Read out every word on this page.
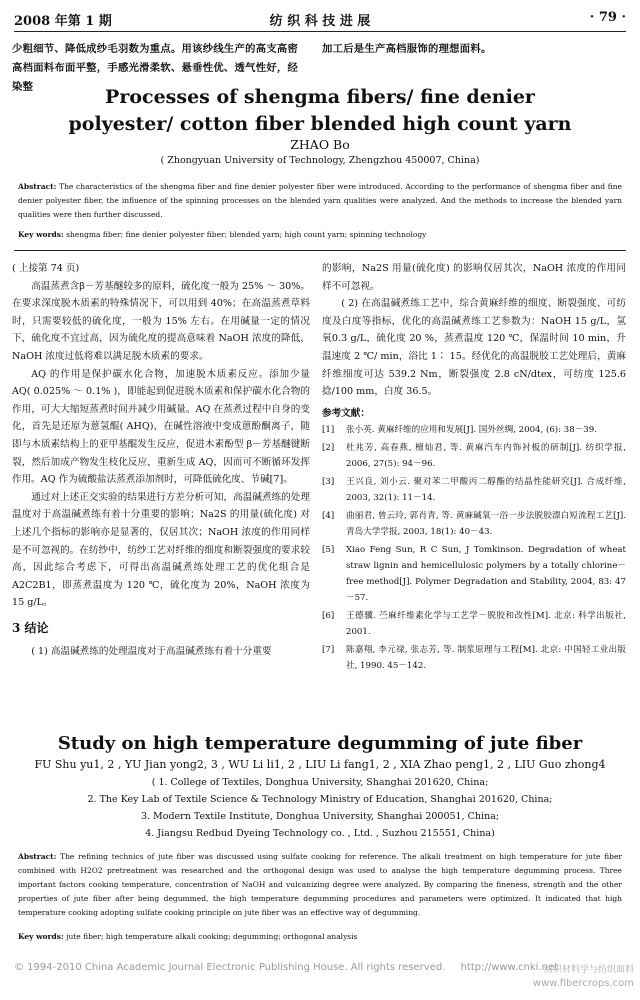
2008 年第 1 期	纺 织 科 技 进 展	· 79 ·
少粗细节、降低成纱毛羽数为重点。用该纱线生产的高支高密
高档面料布面平整，手感光滑柔软、悬垂性优、透气性好，经染整
加工后是生产高档服饰的理想面料。
Processes of shengma fibers/ fine denier
polyester/ cotton fiber blended high count yarn
ZHAO Bo
( Zhongyuan University of Technology, Zhengzhou 450007, China)
Abstract: The characteristics of the shengma fiber and fine denier polyester fiber were introduced. According to the performance of shengma fiber and fine denier polyester fiber, the influence of the spinning processes on the blended yarn qualities were analyzed. And the methods to increase the blended yarn qualities were then further discussed.
Key words: shengma fiber; fine denier polyester fiber; blended yarn; high count yarn; spinning technology

( 上接第 74 页)

高温蒸煮含β－芳基醚较多的原料，硫化度一般为 25% ～ 30%。在要求深度脱木质素的特殊情况下，可以用到 40%；在高温蒸煮草料时，只需要较低的硫化度，一般为 15% 左右。在用碱量一定的情况下，硫化度不宜过高，因为硫化度的提高意味着 NaOH 浓度的降低，NaOH 浓度过低将难以满足脱木质素的要求。

AQ 的作用是保护碳水化合物，加速脱木质素反应。添加少量 AQ( 0.025% ～ 0.1% )，即能起到促进脱木质素和保护碳水化合物的作用，可大大缩短蒸煮时间并减少用碱量。AQ 在蒸煮过程中自身的变化，首先是还原为蒽氢醌( AHQ)，在碱性溶液中变成蒽酚酮离子，随即与木质素结构上的亚甲基醌发生反应，促进木素酚型 β－芳基醚键断裂，然后加成产物发生枝化反应，重新生成 AQ，因而可不断循环发挥作用。AQ 作为硫酸盐法蒸煮添加剂时，可降低硫化度、节碱[7]。

通过对上述正交实验的结果进行方差分析可知，高温碱煮练的处理温度对于高温碱煮练有着十分重要的影响；Na2S 的用量(硫化度) 对上述几个指标的影响亦是显著的，仅居其次；NaOH 浓度的作用同样是不可忽视的。在纺纱中，纺纱工艺对纤维的细度和断裂强度的要求较高，因此综合考虑下，可得出高温碱煮练处理工艺的优化组合是 A2C2B1，即蒸煮温度为 120 ℃，硫化度为 20%，NaOH 浓度为 15 g/L。

3 结论

( 1) 高温碱煮练的处理温度对于高温碱煮练有着十分重要

的影响，Na2S 用量(硫化度) 的影响仅居其次，NaOH 浓度的作用同样不可忽视。

( 2) 在高温碱煮练工艺中，综合黄麻纤维的细度、断裂强度、可纺度及白度等指标，优化的高温碱煮练工艺参数为：NaOH 15 g/L，氢氧0.3 g/L，硫化度 20 %，蒸煮温度 120 ℃，保温时间 10 min，升温速度 2 ℃/ min，浴比 1∶ 15。经优化的高温脱胶工艺处理后，黄麻纤维细度可达 539.2 Nm，断裂强度 2.8 cN/dtex，可纺度 125.6 捻/100 mm，白度 36.5。

参考文献：
[1]	张小英. 黄麻纤维的应用和发展[J]. 国外丝绸, 2004, (6): 38－39.
[2]	杜兆芳, 高春燕, 檀灿君, 等. 黄麻汽车内饰衬板的研制[J]. 纺织学报, 2006, 27(5): 94－96.
[3]	王兴良, 刘小云. 聚对苯二甲酸丙二醇酯的结晶性能研究[J]. 合成纤维, 2003, 32(1): 11－14.
[4]	曲丽君, 曾云玲, 郭肖青, 等. 黄麻碱氧一浴一步法脱胶漂白短流程工艺[J]. 青岛大学学报, 2003, 18(1): 40－43.
[5]	Xiao Feng Sun, R C Sun, J Tomkinson. Degradation of wheat straw lignin and hemicellulosic polymers by a totally chlorine－free method[J]. Polymer Degradation and Stability, 2004, 83: 47－57.
[6]	王德骥. 苎麻纤维素化学与工艺学－脱胶和改性[M]. 北京: 科学出版社, 2001.
[7]	陈嘉翔, 李元禄, 张志芳, 等. 制浆原理与工程[M]. 北京: 中国轻工业出版社, 1990. 45－142.
Study on high temperature degumming of jute fiber
FU Shu yu1, 2 , YU Jian yong2, 3 , WU Li li1, 2 , LIU Li fang1, 2 , XIA Zhao peng1, 2 , LIU Guo zhong4
( 1. College of Textiles, Donghua University, Shanghai 201620, China;
2. The Key Lab of Textile Science & Technology Ministry of Education, Shanghai 201620, China;
3. Modern Textile Institute, Donghua University, Shanghai 200051, China;
4. Jiangsu Redbud Dyeing Technology co. , Ltd. , Suzhou 215551, China)
Abstract: The refining technics of jute fiber was discussed using sulfate cooking for reference. The alkali treatment on high temperature for jute fiber combined with H2O2 pretreatment was researched and the orthogonal design was used to analyse the high temperature degumming process. Three important factors cooking temperature, concentration of NaOH and vulcanizing degree were analyzed. By comparing the fineness, strength and the other properties of jute fiber after being degummed, the high temperature degumming procedures and parameters were optimized. It indicated that high temperature cooking adopting sulfate cooking principle on jute fiber was an effective way of degumming.
Key words: jute fiber; high temperature alkali cooking; degumming; orthogonal analysis
© 1994-2010 China Academic Journal Electronic Publishing House. All rights reserved. http://www.cnki.net
纺织材料学与纺织面料
www.fibercrops.com
